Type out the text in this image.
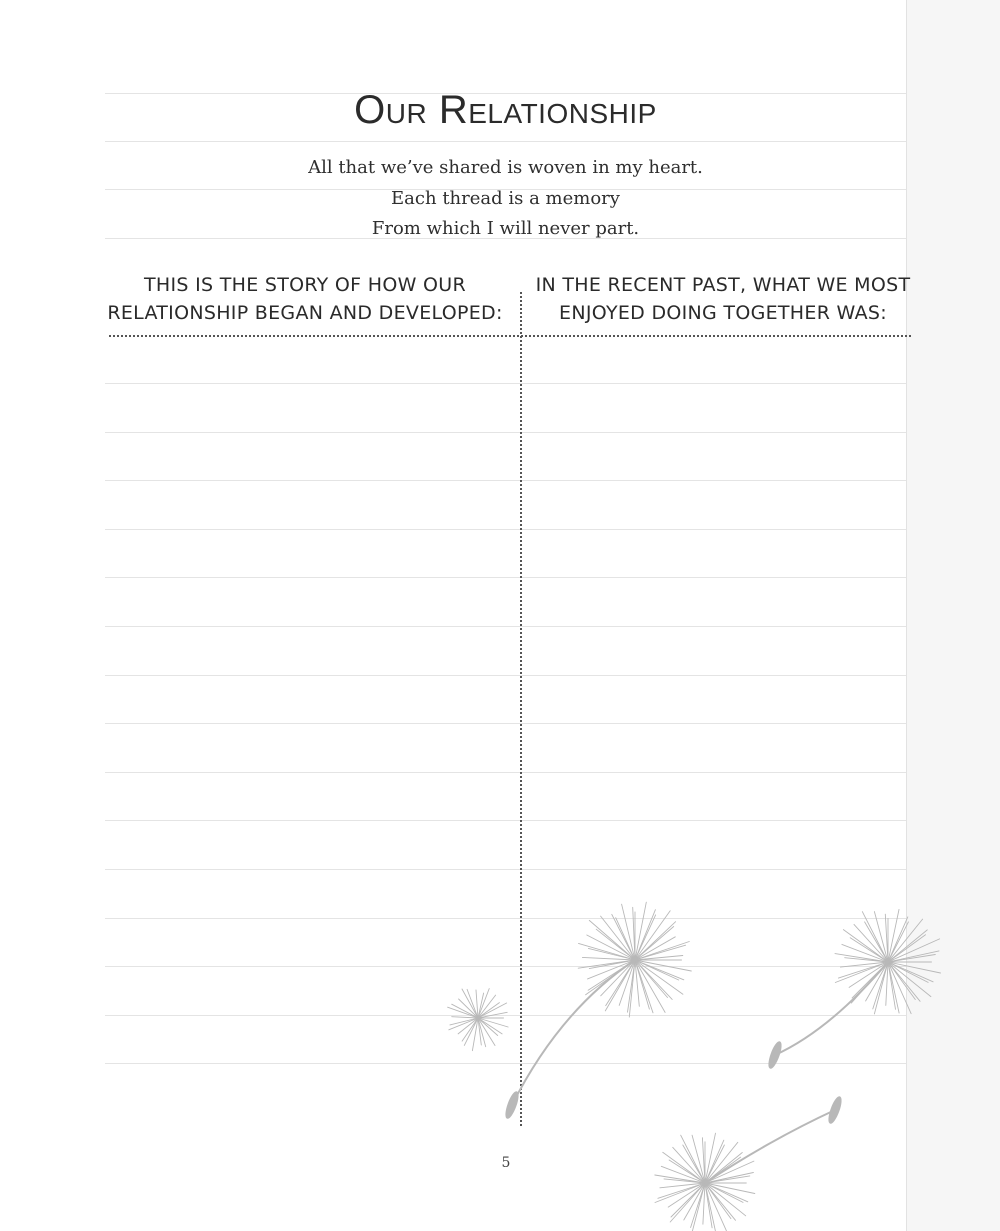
Our Relationship
All that we’ve shared is woven in my heart.
Each thread is a memory
From which I will never part.
THIS IS THE STORY OF HOW OUR
RELATIONSHIP BEGAN AND DEVELOPED:
IN THE RECENT PAST, WHAT WE MOST
ENJOYED DOING TOGETHER WAS:
5
